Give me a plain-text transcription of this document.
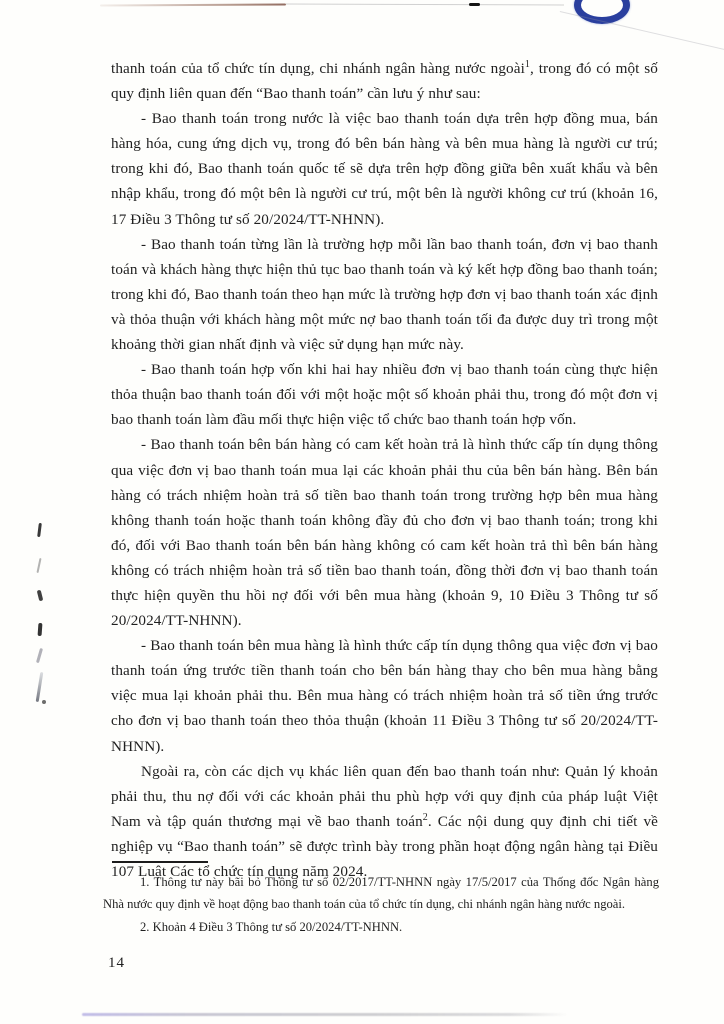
thanh toán của tổ chức tín dụng, chi nhánh ngân hàng nước ngoài$^1$, trong đó có một số quy định liên quan đến “Bao thanh toán” cần lưu ý như sau:

- Bao thanh toán trong nước là việc bao thanh toán dựa trên hợp đồng mua, bán hàng hóa, cung ứng dịch vụ, trong đó bên bán hàng và bên mua hàng là người cư trú; trong khi đó, Bao thanh toán quốc tế sẽ dựa trên hợp đồng giữa bên xuất khẩu và bên nhập khẩu, trong đó một bên là người cư trú, một bên là người không cư trú (khoản 16, 17 Điều 3 Thông tư số 20/2024/TT-NHNN).

- Bao thanh toán từng lần là trường hợp mỗi lần bao thanh toán, đơn vị bao thanh toán và khách hàng thực hiện thủ tục bao thanh toán và ký kết hợp đồng bao thanh toán; trong khi đó, Bao thanh toán theo hạn mức là trường hợp đơn vị bao thanh toán xác định và thỏa thuận với khách hàng một mức nợ bao thanh toán tối đa được duy trì trong một khoảng thời gian nhất định và việc sử dụng hạn mức này.

- Bao thanh toán hợp vốn khi hai hay nhiều đơn vị bao thanh toán cùng thực hiện thỏa thuận bao thanh toán đối với một hoặc một số khoản phải thu, trong đó một đơn vị bao thanh toán làm đầu mối thực hiện việc tổ chức bao thanh toán hợp vốn.

- Bao thanh toán bên bán hàng có cam kết hoàn trả là hình thức cấp tín dụng thông qua việc đơn vị bao thanh toán mua lại các khoản phải thu của bên bán hàng. Bên bán hàng có trách nhiệm hoàn trả số tiền bao thanh toán trong trường hợp bên mua hàng không thanh toán hoặc thanh toán không đầy đủ cho đơn vị bao thanh toán; trong khi đó, đối với Bao thanh toán bên bán hàng không có cam kết hoàn trả thì bên bán hàng không có trách nhiệm hoàn trả số tiền bao thanh toán, đồng thời đơn vị bao thanh toán thực hiện quyền thu hồi nợ đối với bên mua hàng (khoản 9, 10 Điều 3 Thông tư số 20/2024/TT-NHNN).

- Bao thanh toán bên mua hàng là hình thức cấp tín dụng thông qua việc đơn vị bao thanh toán ứng trước tiền thanh toán cho bên bán hàng thay cho bên mua hàng bằng việc mua lại khoản phải thu. Bên mua hàng có trách nhiệm hoàn trả số tiền ứng trước cho đơn vị bao thanh toán theo thỏa thuận (khoản 11 Điều 3 Thông tư số 20/2024/TT-NHNN).

Ngoài ra, còn các dịch vụ khác liên quan đến bao thanh toán như: Quản lý khoản phải thu, thu nợ đối với các khoản phải thu phù hợp với quy định của pháp luật Việt Nam và tập quán thương mại về bao thanh toán$^2$. Các nội dung quy định chi tiết về nghiệp vụ “Bao thanh toán” sẽ được trình bày trong phần hoạt động ngân hàng tại Điều 107 Luật Các tổ chức tín dụng năm 2024.

1. Thông tư này bãi bỏ Thông tư số 02/2017/TT-NHNN ngày 17/5/2017 của Thống đốc Ngân hàng Nhà nước quy định về hoạt động bao thanh toán của tổ chức tín dụng, chi nhánh ngân hàng nước ngoài.

2. Khoản 4 Điều 3 Thông tư số 20/2024/TT-NHNN.

14
